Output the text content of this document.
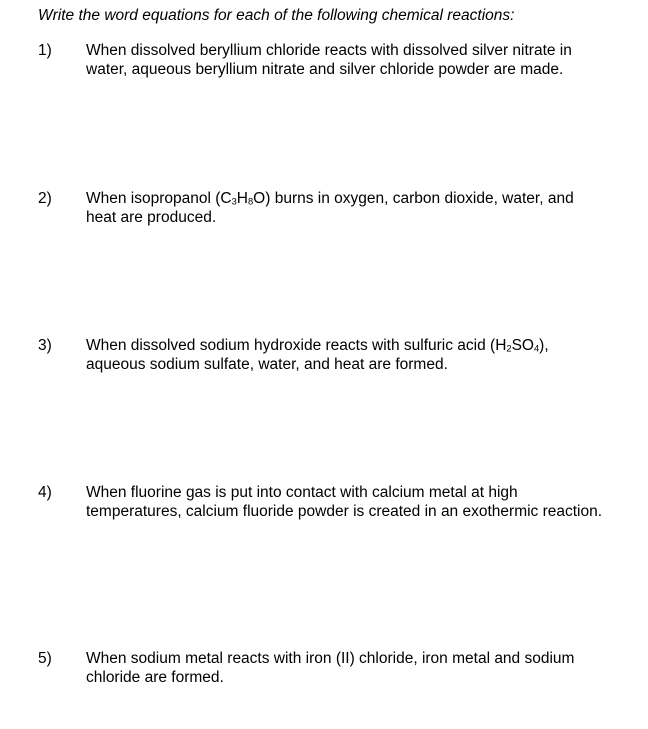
Write the word equations for each of the following chemical reactions:
1) When dissolved beryllium chloride reacts with dissolved silver nitrate in water, aqueous beryllium nitrate and silver chloride powder are made.
2) When isopropanol $(C_3H_8O)$ burns in oxygen, carbon dioxide, water, and heat are produced.
3) When dissolved sodium hydroxide reacts with sulfuric acid $(H_2SO_4)$, aqueous sodium sulfate, water, and heat are formed.
4) When fluorine gas is put into contact with calcium metal at high temperatures, calcium fluoride powder is created in an exothermic reaction.
5) When sodium metal reacts with iron (II) chloride, iron metal and sodium chloride are formed.
